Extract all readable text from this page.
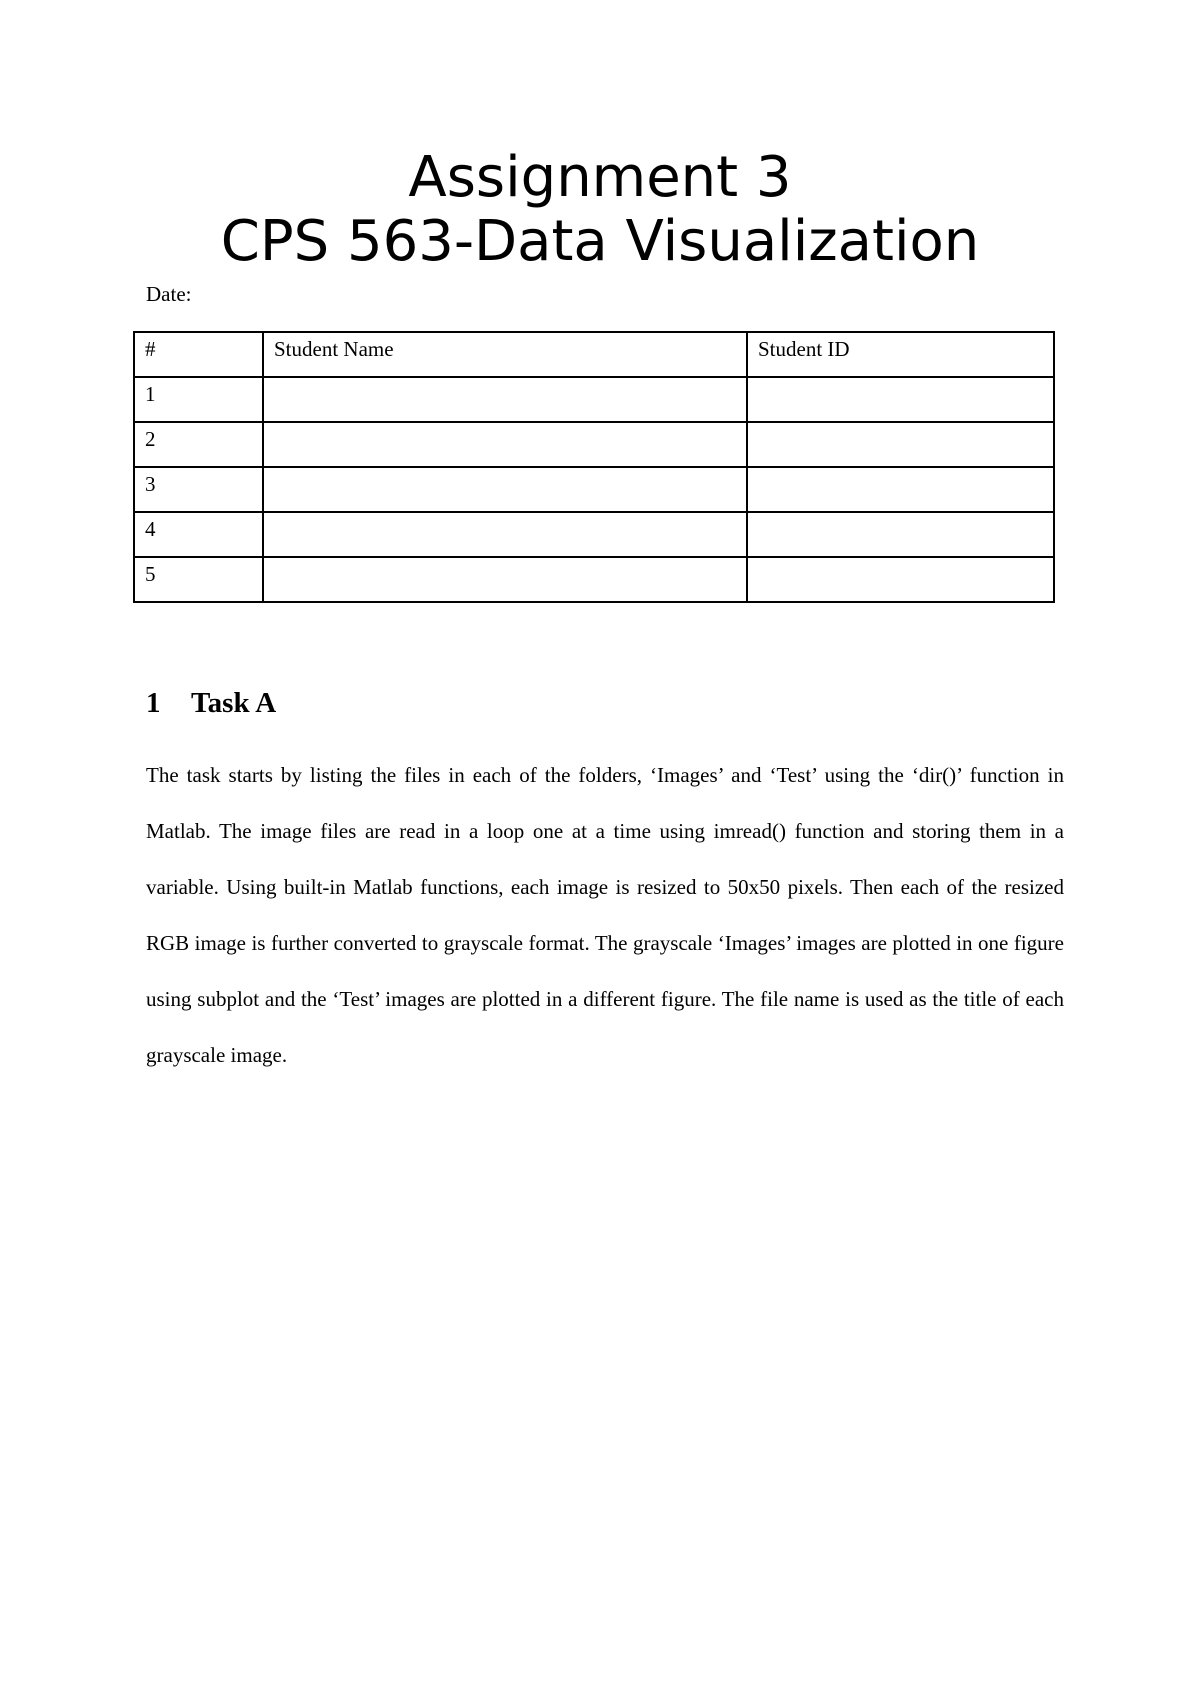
Assignment 3
CPS 563-Data Visualization
Date:
#	Student Name	Student ID
1		
2		
3		
4		
5		
1 Task A

The task starts by listing the files in each of the folders, ‘Images’ and ‘Test’ using the ‘dir()’ function in Matlab. The image files are read in a loop one at a time using imread() function and storing them in a variable. Using built-in Matlab functions, each image is resized to 50x50 pixels. Then each of the resized RGB image is further converted to grayscale format. The grayscale ‘Images’ images are plotted in one figure using subplot and the ‘Test’ images are plotted in a different figure. The file name is used as the title of each grayscale image.
